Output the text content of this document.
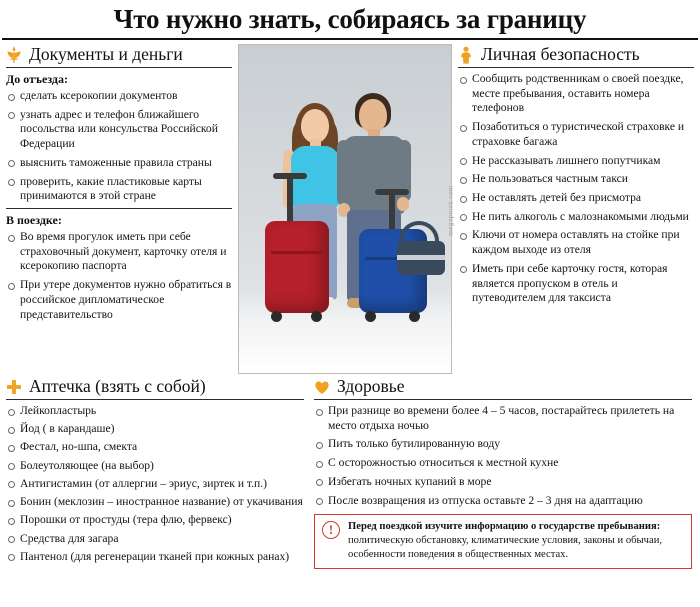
Что нужно знать, собираясь за границу
Документы и деньги
До отъезда:
сделать ксерокопии документов
узнать адрес и телефон ближайшего посольства или консульства Российской Федерации
выяснить таможенные правила страны
проверить, какие пластиковые карты принимаются в этой стране
В поездке:
Во время прогулок иметь при себе страховочный документ, карточку отеля и ксерокопию паспорта
При утере документов нужно обратиться в российское дипломатическое представительство
megapoisk.com
Личная безопасность
Сообщить родственникам о своей поездке, месте пребывания, оставить номера телефонов
Позаботиться о туристической страховке и страховке багажа
Не рассказывать лишнего попутчикам
Не пользоваться частным такси
Не оставлять детей без присмотра
Не пить алкоголь с малознакомыми людьми
Ключи от номера оставлять на стойке при каждом выходе из отеля
Иметь при себе карточку гостя, которая является пропуском в отель и путеводителем для таксиста
Аптечка (взять с собой)
Лейкопластырь
Йод ( в карандаше)
Фестал, но-шпа, смекта
Болеутоляющее (на выбор)
Антигистамин (от аллергии – эриус, зиртек и т.п.)
Бонин (меклозин – иностранное название) от укачивания
Порошки от простуды (тера флю, фервекс)
Средства для загара
Пантенол (для регенерации тканей при кожных ранах)
Здоровье
При разнице во времени более 4 – 5 часов, постарайтесь прилететь на место отдыха ночью
Пить только бутилированную воду
С осторожностью относиться к местной кухне
Избегать ночных купаний в море
После возвращения из отпуска оставьте 2 – 3 дня на адаптацию
!	Перед поездкой изучите информацию о государстве пребывания: политическую обстановку, климатические условия, законы и обычаи, особенности поведения в общественных местах.
